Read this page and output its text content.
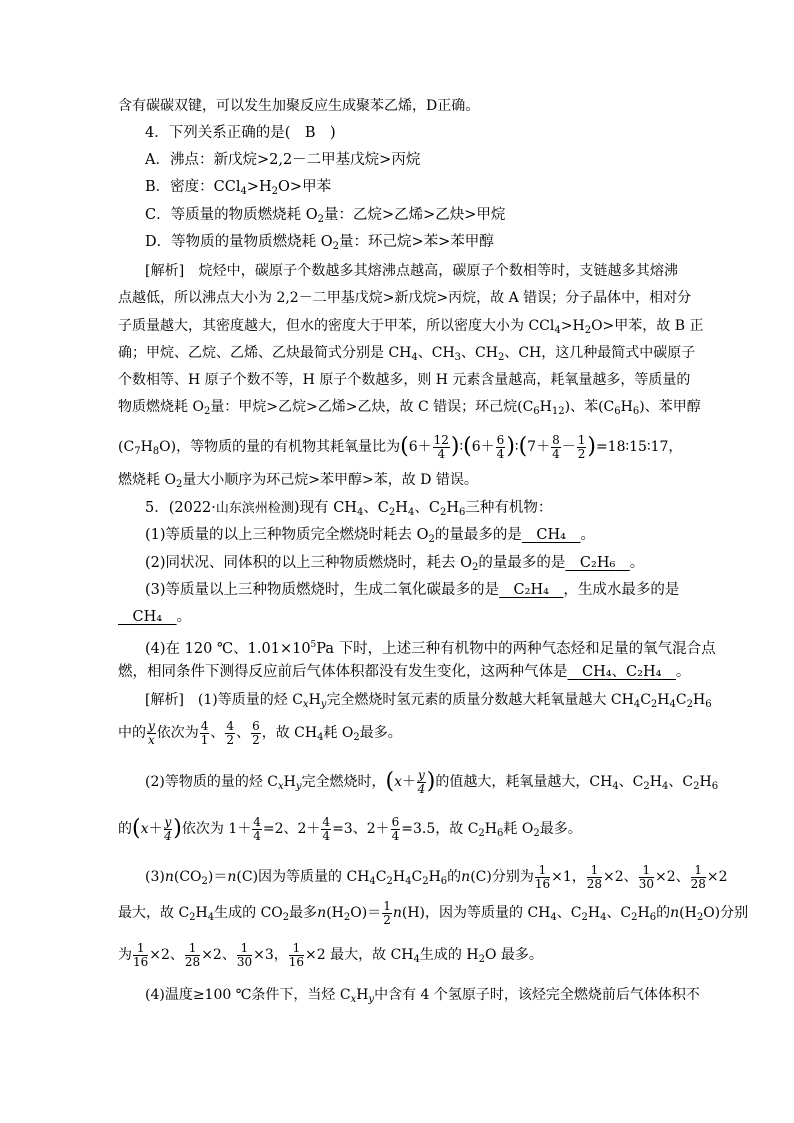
含有碳碳双键，可以发生加聚反应生成聚苯乙烯，D正确。
4．下列关系正确的是(　B　)
A．沸点：新戊烷>2,2－二甲基戊烷>丙烷
B．密度：$CCl_4>H_2O>$甲苯
C．等质量的物质燃烧耗 $O_2$量：乙烷>乙烯>乙炔>甲烷
D．等物质的量物质燃烧耗 $O_2$量：环己烷>苯>苯甲醇
[解析]　烷烃中，碳原子个数越多其熔沸点越高，碳原子个数相等时，支链越多其熔沸
点越低，所以沸点大小为 2,2－二甲基戊烷>新戊烷>丙烷，故 A 错误；分子晶体中，相对分
子质量越大，其密度越大，但水的密度大于甲苯，所以密度大小为 $CCl_4>H_2O>$甲苯，故 B 正
确；甲烷、乙烷、乙烯、乙炔最简式分别是 $CH_4$、$CH_3$、$CH_2$、CH，这几种最简式中碳原子
个数相等、H 原子个数不等，H 原子个数越多，则 H 元素含量越高，耗氧量越多，等质量的
物质燃烧耗 $O_2$量：甲烷>乙烷>乙烯>乙炔，故 C 错误；环己烷$(C_6H_{12})$、苯$(C_6H_6)$、苯甲醇
$(C_7H_8O)$，等物质的量的有机物其耗氧量比为($6+ \frac{12}{4}$ )∶(6＋ $\frac{6}{4}$ )∶(7＋ $\frac{8}{4} - \frac{1}{2}$ )=18∶15∶17，
燃烧耗 $O_2$量大小顺序为环己烷>苯甲醇>苯，故 D 错误。
5．(2022·山东滨州检测)现有 $CH_4$、$C_2H_4$、$C_2H_6$三种有机物：
(1)等质量的以上三种物质完全燃烧时耗去 $O_2$的量最多的是　 CH₄　 。
(2)同状况、同体积的以上三种物质燃烧时，耗去 $O_2$的量最多的是　 C₂H₆　 。
(3)等质量以上三种物质燃烧时，生成二氧化碳最多的是　 C₂H₄　 ，生成水最多的是
　CH₄　 。
(4)在 120 ℃、$1.01\times 10^5Pa$ 下时，上述三种有机物中的两种气态烃和足量的氧气混合点
燃，相同条件下测得反应前后气体体积都没有发生变化，这两种气体是　 CH₄、C₂H₄　 。
[解析]　(1)等质量的烃 $C_xH_y$完全燃烧时氢元素的质量分数越大耗氧量越大 $CH_4C_2H_4C_2H_6$
中的 $\frac{y}{x}$ 依次为 $\frac{4}{1}$ 、 $\frac{4}{2}$ 、 $\frac{6}{2}$ ，故 $CH_4$耗 $O_2$最多。
(2)等物质的量的烃 $C_xH_y$完全燃烧时，($x+ \frac{y}{4}$ )的值越大，耗氧量越大，$CH_4$、$C_2H_4$、$C_2H_6$
的($x+ \frac{y}{4}$ )依次为 $1+ \frac{4}{4} =2$、$2+ \frac{4}{4} =3$、$2+ \frac{6}{4} =3.5$，故 $C_2H_6$耗 $O_2$最多。
$(3)n(CO_2)=n(C)$因为等质量的 $CH_4C_2H_4C_2H_6$的n(C)分别为 $\frac{1}{16} \times 1$， $\frac{1}{28} \times 2$、 $\frac{1}{30} \times 2$、 $\frac{1}{28} \times 2$
最大，故 $C_2H_4$生成的 $CO_2$最多$n(H_2O)= \frac{1}{2} n(H)$，因为等质量的 $CH_4$、$C_2H_4$、$C_2H_6$的$n(H_2O)$分别
为 $\frac{1}{16} \times 2$、 $\frac{1}{28} \times 2$、 $\frac{1}{30} \times 3$， $\frac{1}{16} \times 2$ 最大，故 $CH_4$生成的 $H_2O$ 最多。
(4)温度≥100 ℃条件下，当烃 $C_xH_y$中含有 4 个氢原子时，该烃完全燃烧前后气体体积不
